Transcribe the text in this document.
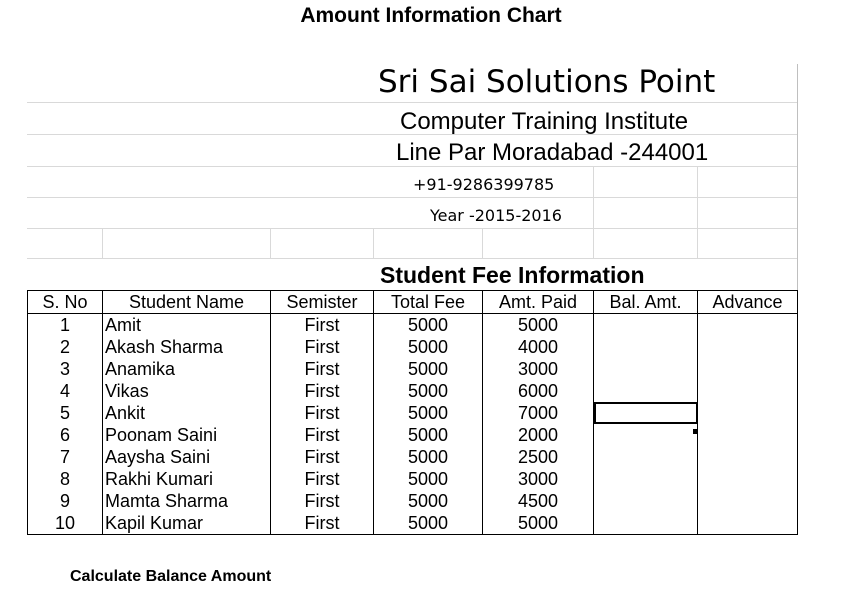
Amount Information Chart
Sri Sai Solutions Point
Computer Training Institute
Line Par Moradabad -244001
+91-9286399785
Year -2015-2016
Student Fee Information
S. No	Student Name	Semister	Total Fee	Amt. Paid	Bal. Amt.	Advance
1	Amit	First	5000	5000		
2	Akash Sharma	First	5000	4000		
3	Anamika	First	5000	3000		
4	Vikas	First	5000	6000		
5	Ankit	First	5000	7000		
6	Poonam Saini	First	5000	2000		
7	Aaysha Saini	First	5000	2500		
8	Rakhi Kumari	First	5000	3000		
9	Mamta Sharma	First	5000	4500		
10	Kapil Kumar	First	5000	5000		
Calculate Balance Amount
